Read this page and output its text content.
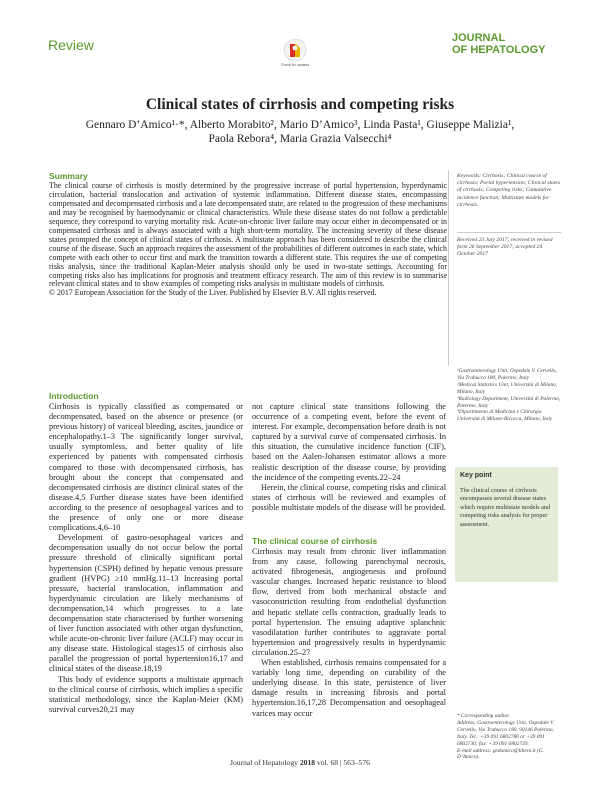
Review
Check for updates
JOURNAL
OF HEPATOLOGY
Clinical states of cirrhosis and competing risks
Gennaro D’Amico¹·*, Alberto Morabito², Mario D’Amico³, Linda Pasta¹, Giuseppe Malizia¹,
Paola Rebora⁴, Maria Grazia Valsecchi⁴
Summary

The clinical course of cirrhosis is mostly determined by the progressive increase of portal hypertension, hyperdynamic circulation, bacterial translocation and activation of systemic inflammation. Different disease states, encompassing compensated and decompensated cirrhosis and a late decompensated state, are related to the progression of these mechanisms and may be recognised by haemodynamic or clinical characteristics. While these disease states do not follow a predictable sequence, they correspond to varying mortality risk. Acute-on-chronic liver failure may occur either in decompensated or in compensated cirrhosis and is always associated with a high short-term mortality. The increasing severity of these disease states prompted the concept of clinical states of cirrhosis. A multistate approach has been considered to describe the clinical course of the disease. Such an approach requires the assessment of the probabilities of different outcomes in each state, which compete with each other to occur first and mark the transition towards a different state. This requires the use of competing risks analysis, since the traditional Kaplan-Meier analysis should only be used in two-state settings. Accounting for competing risks also has implications for prognosis and treatment efficacy research. The aim of this review is to summarise relevant clinical states and to show examples of competing risks analysis in multistate models of cirrhosis.

© 2017 European Association for the Study of the Liver. Published by Elsevier B.V. All rights reserved.

Keywords: Cirrhosis; Clinical course of cirrhosis; Portal hypertension; Clinical states of cirrhosis; Competing risks; Cumulative incidence function; Multistate models for cirrhosis.
Received 23 July 2017; received in revised form 26 September 2017; accepted 24 October 2017
¹Gastroenterology Unit, Ospedale V. Cervello, Via Trabucco 180, Palermo, Italy
²Medical Statistics Unit, Università di Milano, Milano, Italy
³Radiology Department, Università di Palermo, Palermo, Italy
⁴Dipartimento di Medicina e Chirurgia Università di Milano-Bicocca, Milano, Italy
Key point
The clinical course of cirrhosis encompasses several disease states which require multistate models and competing risks analysis for proper assessment.
* Corresponding author.
Address: Gastroenterology Unit, Ospedale V Cervello, Via Trabucco 180, 90146 Palermo, Italy. Tel.: +39 091 6802780 or +39 091 6802730; fax: +39 091 6802739.
E-mail address: gedamico@libero.it (G. D’Amico).
Introduction

Cirrhosis is typically classified as compensated or decompensated, based on the absence or presence (or previous history) of variceal bleeding, ascites, jaundice or encephalopathy.1–3 The significantly longer survival, usually symptomless, and better quality of life experienced by patients with compensated cirrhosis compared to those with decompensated cirrhosis, has brought about the concept that compensated and decompensated cirrhosis are distinct clinical states of the disease.4,5 Further disease states have been identified according to the presence of oesophageal varices and to the presence of only one or more disease complications.4,6–10

Development of gastro-oesophageal varices and decompensation usually do not occur below the portal pressure threshold of clinically significant portal hypertension (CSPH) defined by hepatic venous pressure gradient (HVPG) ≥10 mmHg.11–13 Increasing portal pressure, bacterial translocation, inflammation and hyperdynamic circulation are likely mechanisms of decompensation,14 which progresses to a late decompensation state characterised by further worsening of liver function associated with other organ dysfunction, while acute-on-chronic liver failure (ACLF) may occur in any disease state. Histological stages15 of cirrhosis also parallel the progression of portal hypertension16,17 and clinical states of the disease.18,19

This body of evidence supports a multistate approach to the clinical course of cirrhosis, which implies a specific statistical methodology, since the Kaplan-Meier (KM) survival curves20,21 may

not capture clinical state transitions following the occurrence of a competing event, before the event of interest. For example, decompensation before death is not captured by a survival curve of compensated cirrhosis. In this situation, the cumulative incidence function (CIF), based on the Aalen-Johansen estimator allows a more realistic description of the disease course, by providing the incidence of the competing events.22–24

Herein, the clinical course, competing risks and clinical states of cirrhosis will be reviewed and examples of possible multistate models of the disease will be provided.

The clinical course of cirrhosis

Cirrhosis may result from chronic liver inflammation from any cause, following parenchymal necrosis, activated fibrogenesis, angiogenesis and profound vascular changes. Increased hepatic resistance to blood flow, derived from both mechanical obstacle and vasoconstriction resulting from endothelial dysfunction and hepatic stellate cells contraction, gradually leads to portal hypertension. The ensuing adaptive splanchnic vasodilatation further contributes to aggravate portal hypertension and progressively results in hyperdynamic circulation.25–27

When established, cirrhosis remains compensated for a variably long time, depending on curability of the underlying disease. In this state, persistence of liver damage results in increasing fibrosis and portal hypertension.16,17,28 Decompensation and oesophageal varices may occur

Journal of Hepatology 2018 vol. 68 | 563–576
